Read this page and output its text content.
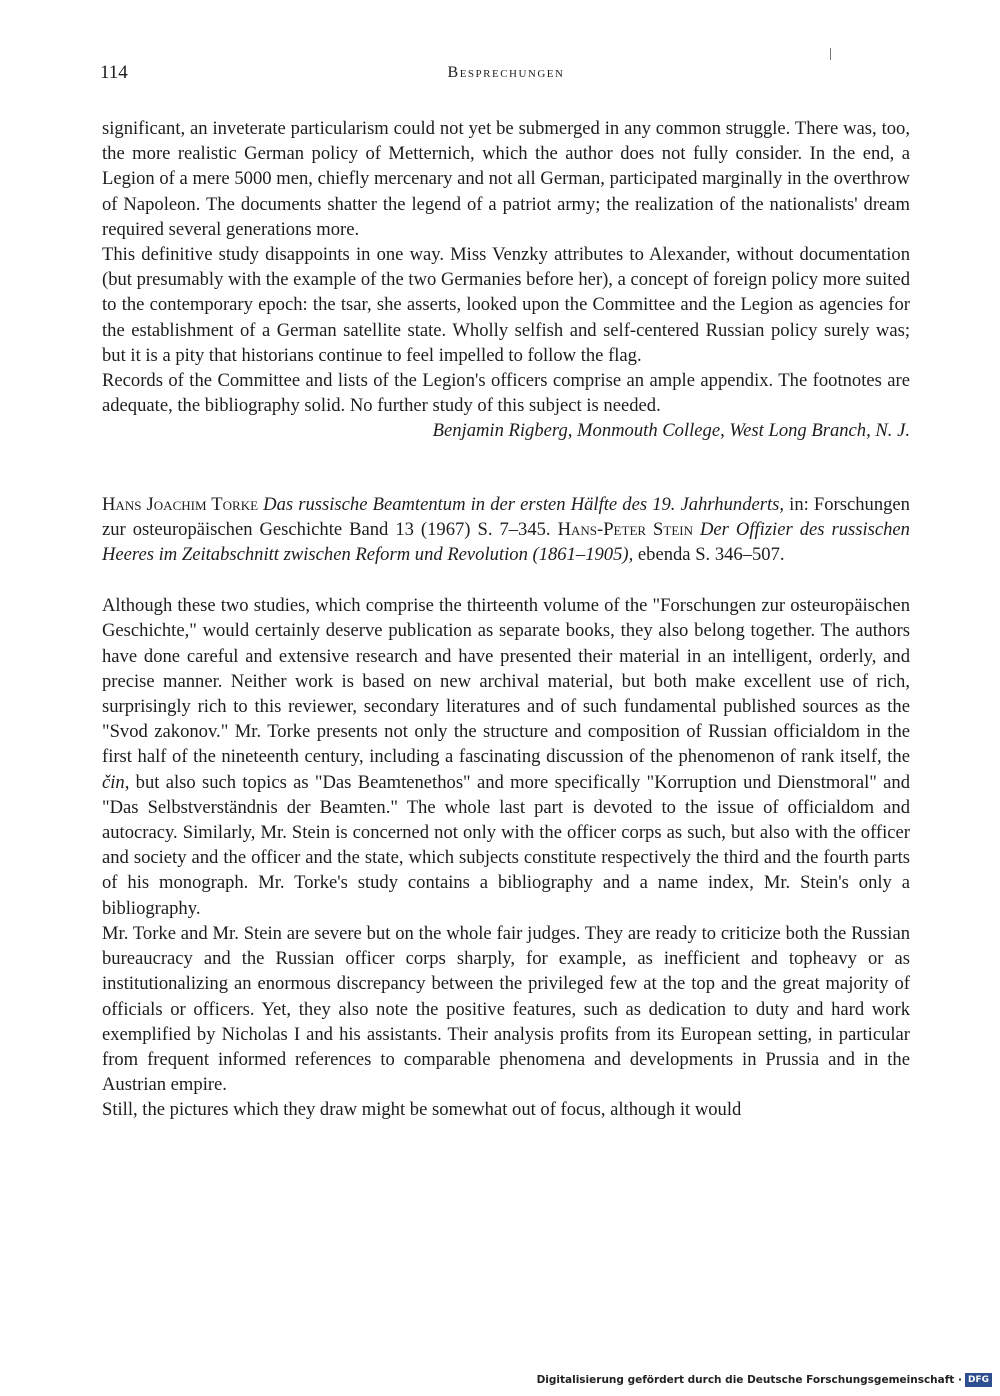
114	Besprechungen

significant, an inveterate particularism could not yet be submerged in any common struggle. There was, too, the more realistic German policy of Metternich, which the author does not fully consider. In the end, a Legion of a mere 5000 men, chiefly mercenary and not all German, participated marginally in the overthrow of Napoleon. The documents shatter the legend of a patriot army; the realization of the nationalists' dream required several generations more.

This definitive study disappoints in one way. Miss Venzky attributes to Alexander, without documentation (but presumably with the example of the two Germanies before her), a concept of foreign policy more suited to the contemporary epoch: the tsar, she asserts, looked upon the Committee and the Legion as agencies for the establishment of a German satellite state. Wholly selfish and self-centered Russian policy surely was; but it is a pity that historians continue to feel impelled to follow the flag.

Records of the Committee and lists of the Legion's officers comprise an ample appendix. The footnotes are adequate, the bibliography solid. No further study of this subject is needed.

Benjamin Rigberg, Monmouth College, West Long Branch, N. J.

Hans Joachim Torke Das russische Beamtentum in der ersten Hälfte des 19. Jahrhunderts, in: Forschungen zur osteuropäischen Geschichte Band 13 (1967) S. 7–345. Hans-Peter Stein Der Offizier des russischen Heeres im Zeitabschnitt zwischen Reform und Revolution (1861–1905), ebenda S. 346–507.

Although these two studies, which comprise the thirteenth volume of the "Forschungen zur osteuropäischen Geschichte," would certainly deserve publication as separate books, they also belong together. The authors have done careful and extensive research and have presented their material in an intelligent, orderly, and precise manner. Neither work is based on new archival material, but both make excellent use of rich, surprisingly rich to this reviewer, secondary literatures and of such fundamental published sources as the "Svod zakonov." Mr. Torke presents not only the structure and composition of Russian officialdom in the first half of the nineteenth century, including a fascinating discussion of the phenomenon of rank itself, the čin, but also such topics as "Das Beamtenethos" and more specifically "Korruption und Dienstmoral" and "Das Selbstverständnis der Beamten." The whole last part is devoted to the issue of officialdom and autocracy. Similarly, Mr. Stein is concerned not only with the officer corps as such, but also with the officer and society and the officer and the state, which subjects constitute respectively the third and the fourth parts of his monograph. Mr. Torke's study contains a bibliography and a name index, Mr. Stein's only a bibliography.

Mr. Torke and Mr. Stein are severe but on the whole fair judges. They are ready to criticize both the Russian bureaucracy and the Russian officer corps sharply, for example, as inefficient and topheavy or as institutionalizing an enormous discrepancy between the privileged few at the top and the great majority of officials or officers. Yet, they also note the positive features, such as dedication to duty and hard work exemplified by Nicholas I and his assistants. Their analysis profits from its European setting, in particular from frequent informed references to comparable phenomena and developments in Prussia and in the Austrian empire.

Still, the pictures which they draw might be somewhat out of focus, although it would

Digitalisierung gefördert durch die Deutsche Forschungsgemeinschaft · DFG
